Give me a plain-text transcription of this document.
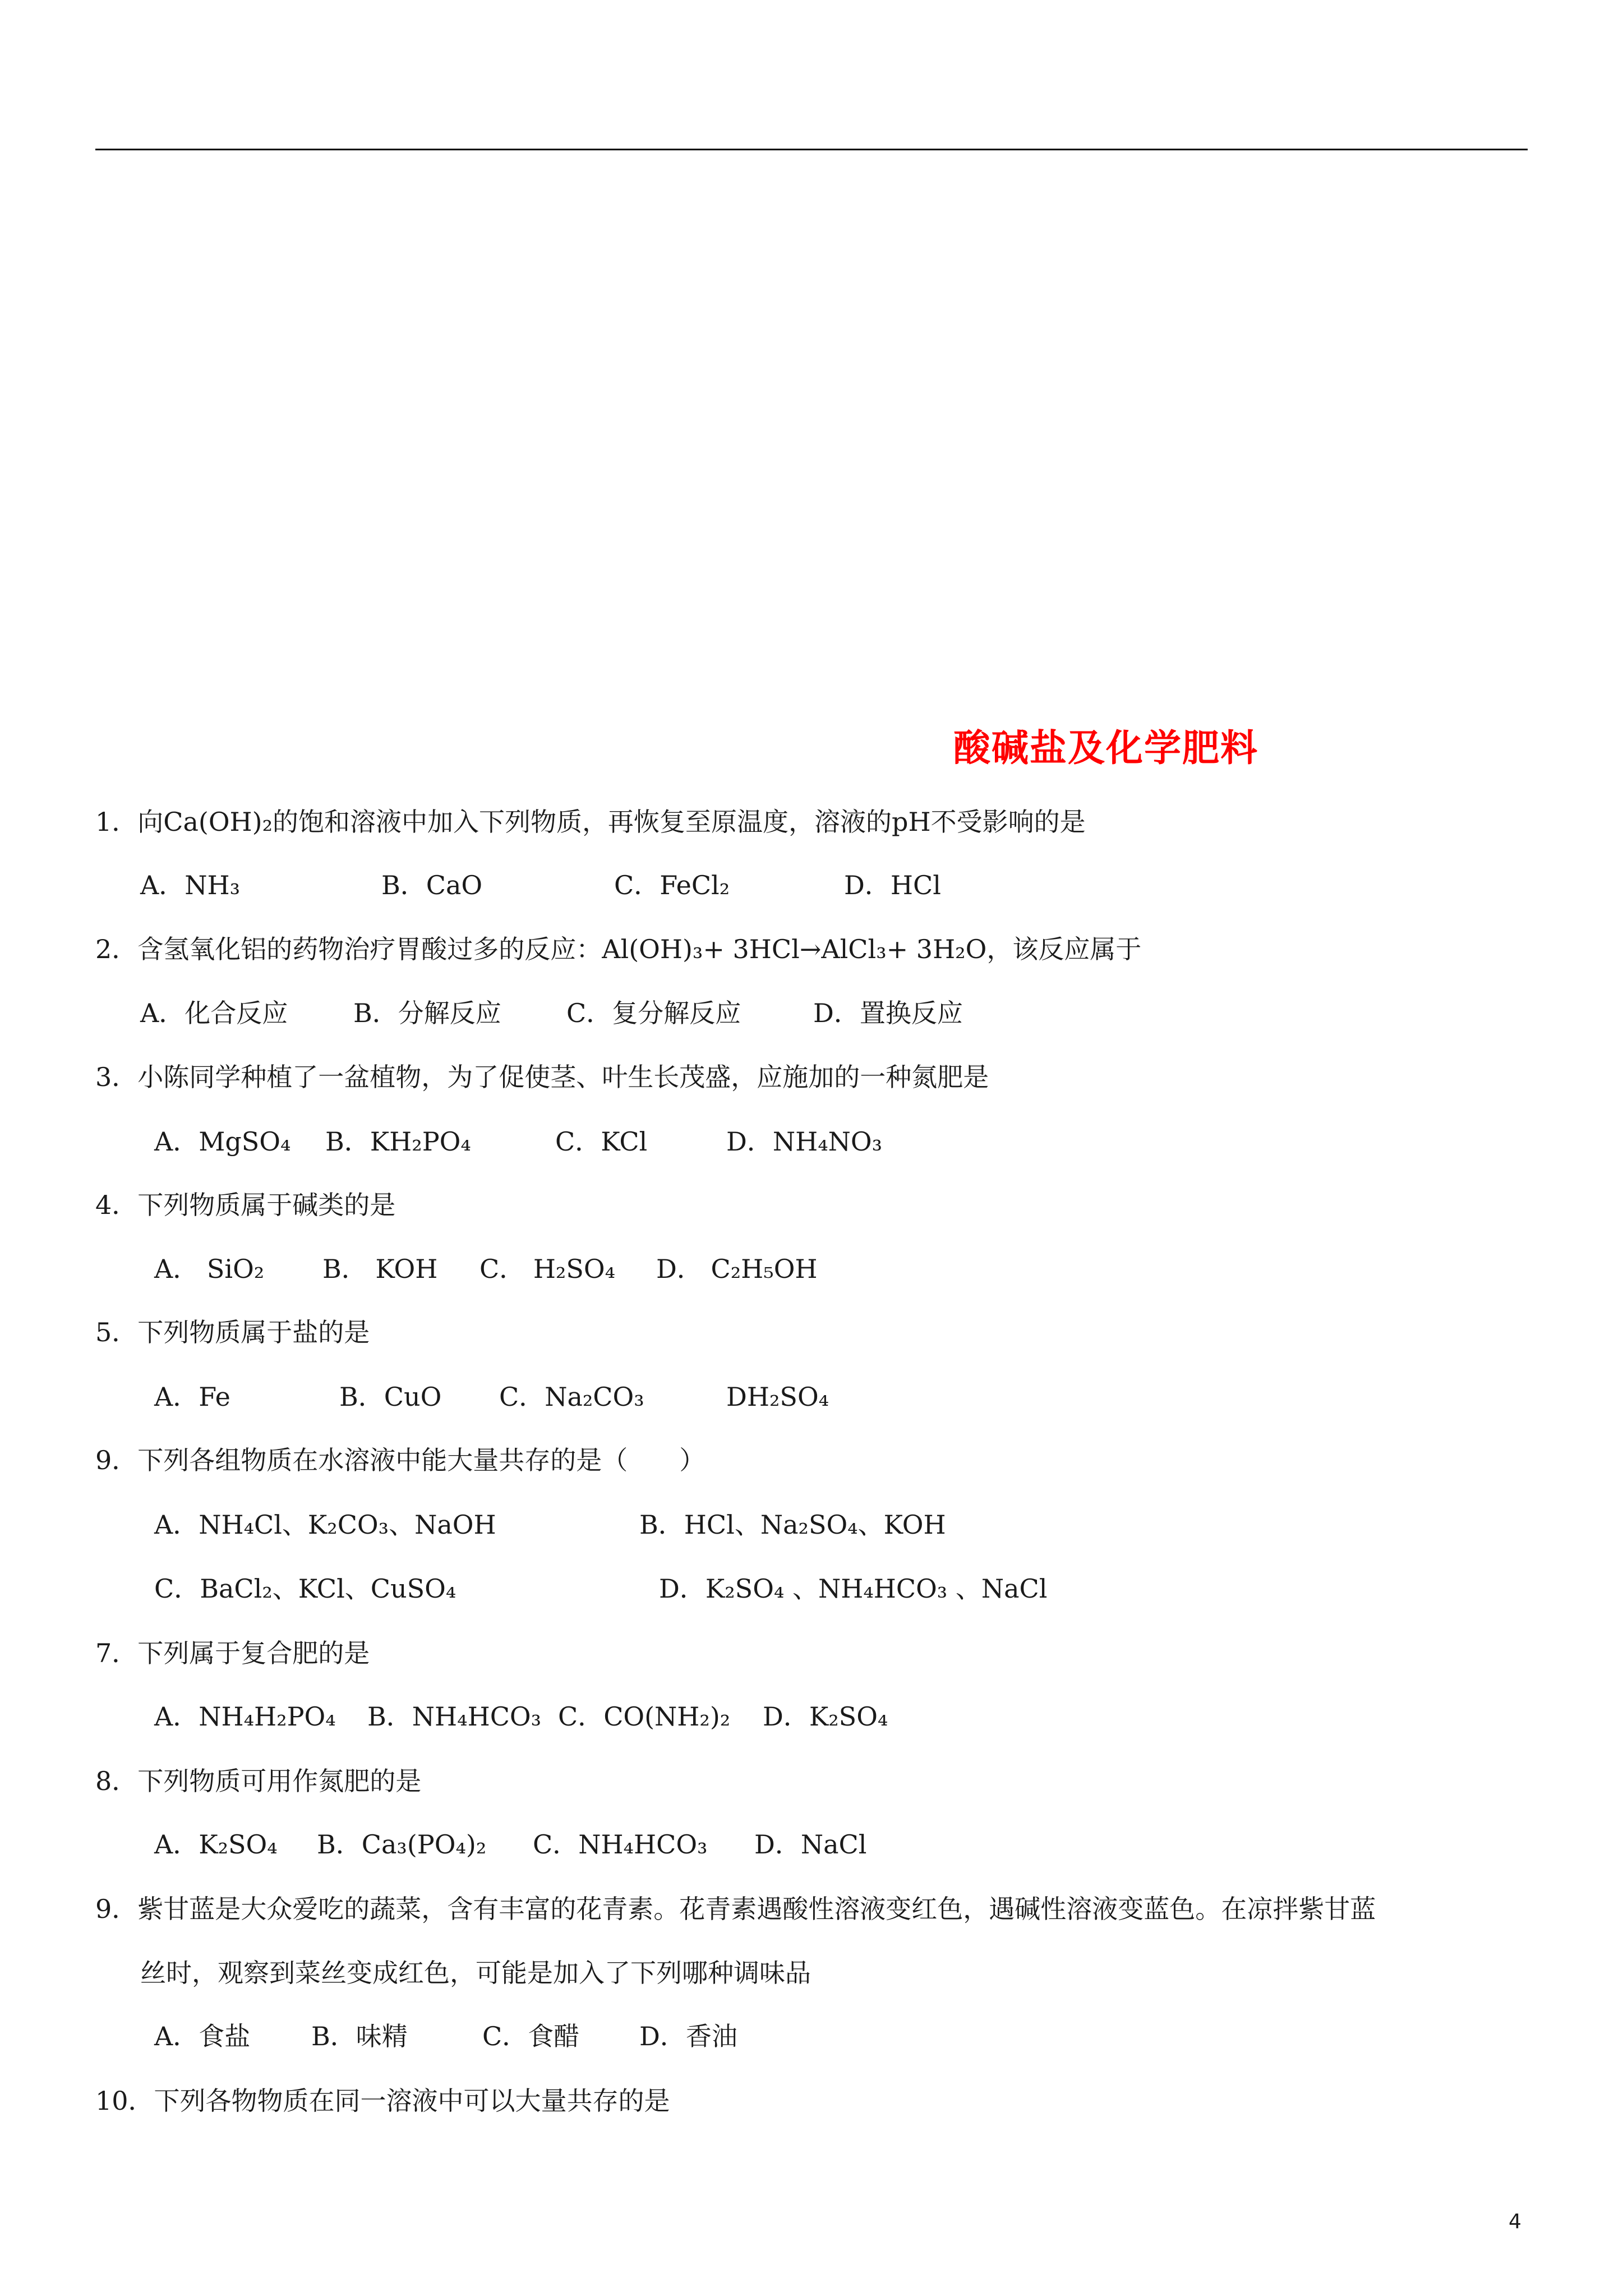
酸碱盐及化学肥料
1．向Ca(OH)₂的饱和溶液中加入下列物质，再恢复至原温度，溶液的pH不受影响的是
A．NH₃	B．CaO	C．FeCl₂	D．HCl
2．含氢氧化铝的药物治疗胃酸过多的反应：Al(OH)₃+ 3HCl→AlCl₃+ 3H₂O，该反应属于
A．化合反应	B．分解反应	C．复分解反应	D．置换反应
3．小陈同学种植了一盆植物，为了促使茎、叶生长茂盛，应施加的一种氮肥是
A．MgSO₄ B．KH₂PO₄	C．KCl	D．NH₄NO₃
4．下列物质属于碱类的是
A． SiO₂ B． KOH C． H₂SO₄ D． C₂H₅OH
5．下列物质属于盐的是
A．Fe	B．CuO C．Na₂CO₃	DH₂SO₄
9．下列各组物质在水溶液中能大量共存的是（　　）
A．NH₄Cl、K₂CO₃、NaOH	B．HCl、Na₂SO₄、KOH
C．BaCl₂、KCl、CuSO₄	D．K₂SO₄ 、NH₄HCO₃ 、NaCl
7．下列属于复合肥的是
A．NH₄H₂PO₄ B．NH₄HCO₃ C．CO(NH₂)₂ D．K₂SO₄
8．下列物质可用作氮肥的是
A．K₂SO₄ B．Ca₃(PO₄)₂ C．NH₄HCO₃ D．NaCl
9．紫甘蓝是大众爱吃的蔬菜，含有丰富的花青素。花青素遇酸性溶液变红色，遇碱性溶液变蓝色。在凉拌紫甘蓝
丝时，观察到菜丝变成红色，可能是加入了下列哪种调味品
A．食盐 B．味精	C．食醋 D．香油
10．下列各物物质在同一溶液中可以大量共存的是
4
